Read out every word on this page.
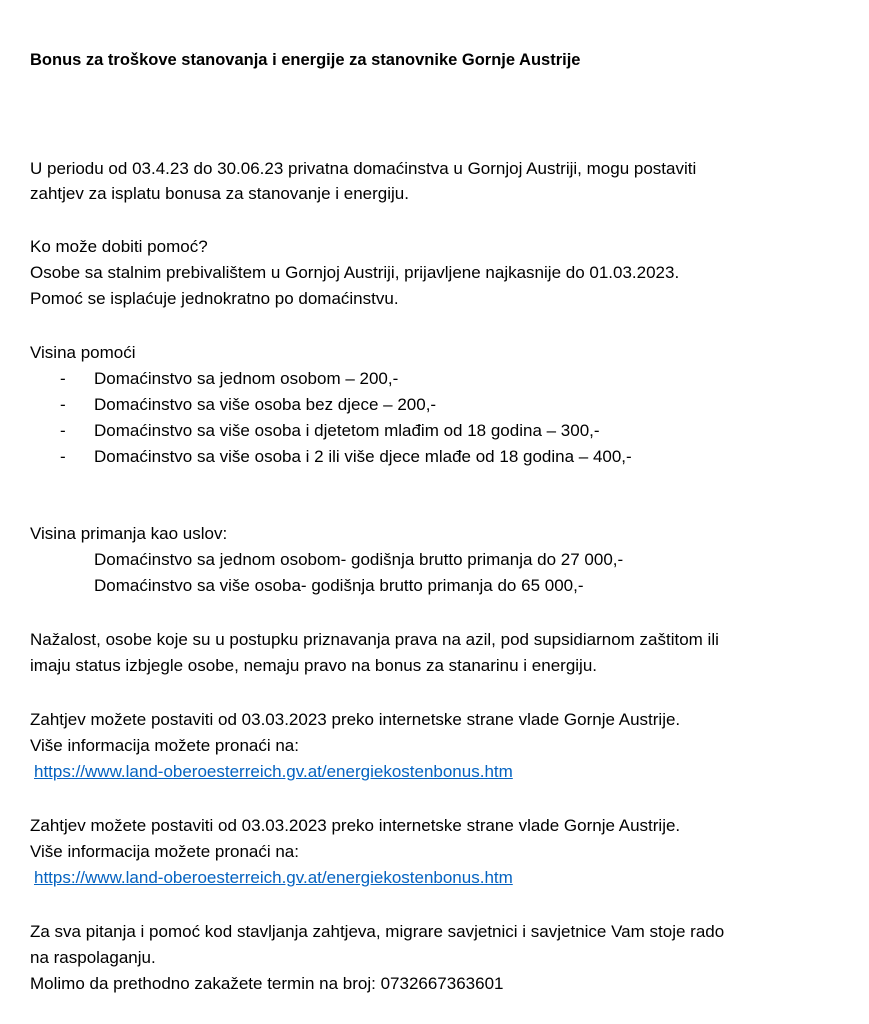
Bonus za troškove stanovanja i energije za stanovnike Gornje Austrije
U periodu od 03.4.23 do 30.06.23 privatna domaćinstva u Gornjoj Austriji, mogu postaviti
zahtjev za isplatu bonusa za stanovanje i energiju.
Ko može dobiti pomoć?
Osobe sa stalnim prebivalištem u Gornjoj Austriji, prijavljene najkasnije do 01.03.2023.
Pomoć se isplaćuje jednokratno po domaćinstvu.
Visina pomoći
- Domaćinstvo sa jednom osobom – 200,-
- Domaćinstvo sa više osoba bez djece – 200,-
- Domaćinstvo sa više osoba i djetetom mlađim od 18 godina – 300,-
- Domaćinstvo sa više osoba i 2 ili više djece mlađe od 18 godina – 400,-
Visina primanja kao uslov:
Domaćinstvo sa jednom osobom- godišnja brutto primanja do 27 000,-
Domaćinstvo sa više osoba- godišnja brutto primanja do 65 000,-
Nažalost, osobe koje su u postupku priznavanja prava na azil, pod supsidiarnom zaštitom ili
imaju status izbjegle osobe, nemaju pravo na bonus za stanarinu i energiju.
Zahtjev možete postaviti od 03.03.2023 preko internetske strane vlade Gornje Austrije.
Više informacija možete pronaći na:
https://www.land-oberoesterreich.gv.at/energiekostenbonus.htm
Zahtjev možete postaviti od 03.03.2023 preko internetske strane vlade Gornje Austrije.
Više informacija možete pronaći na:
https://www.land-oberoesterreich.gv.at/energiekostenbonus.htm
Za sva pitanja i pomoć kod stavljanja zahtjeva, migrare savjetnici i savjetnice Vam stoje rado
na raspolaganju.
Molimo da prethodno zakažete termin na broj: 0732667363601
